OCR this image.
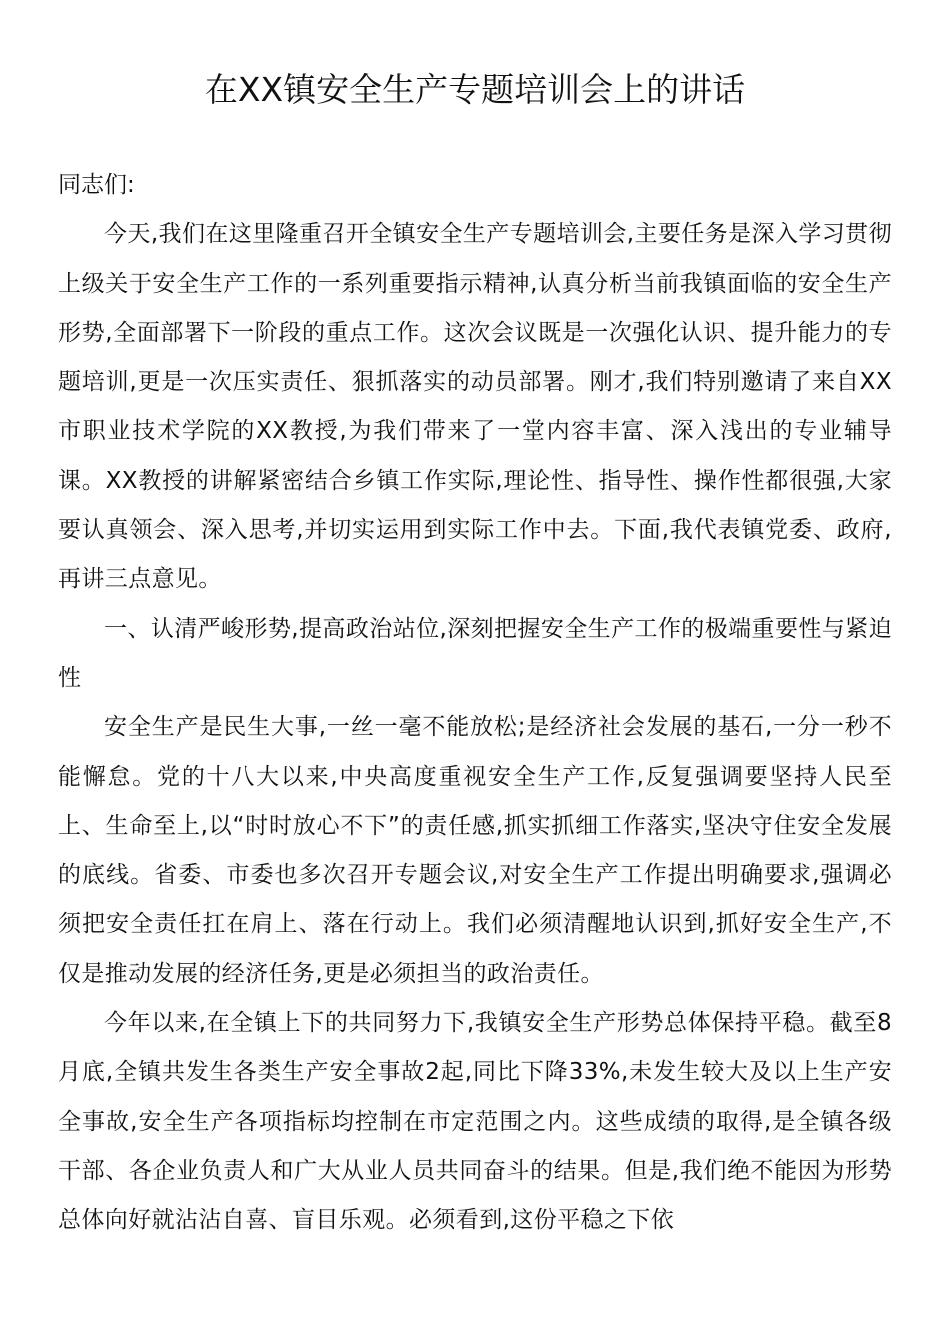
在XX镇安全生产专题培训会上的讲话

同志们:

今天,我们在这里隆重召开全镇安全生产专题培训会,主要任务是深入学习贯彻上级关于安全生产工作的一系列重要指示精神,认真分析当前我镇面临的安全生产形势,全面部署下一阶段的重点工作。这次会议既是一次强化认识、提升能力的专题培训,更是一次压实责任、狠抓落实的动员部署。刚才,我们特别邀请了来自XX市职业技术学院的XX教授,为我们带来了一堂内容丰富、深入浅出的专业辅导课。XX教授的讲解紧密结合乡镇工作实际,理论性、指导性、操作性都很强,大家要认真领会、深入思考,并切实运用到实际工作中去。下面,我代表镇党委、政府,再讲三点意见。

一、认清严峻形势,提高政治站位,深刻把握安全生产工作的极端重要性与紧迫性

安全生产是民生大事,一丝一毫不能放松;是经济社会发展的基石,一分一秒不能懈怠。党的十八大以来,中央高度重视安全生产工作,反复强调要坚持人民至上、生命至上,以“时时放心不下”的责任感,抓实抓细工作落实,坚决守住安全发展的底线。省委、市委也多次召开专题会议,对安全生产工作提出明确要求,强调必须把安全责任扛在肩上、落在行动上。我们必须清醒地认识到,抓好安全生产,不仅是推动发展的经济任务,更是必须担当的政治责任。

今年以来,在全镇上下的共同努力下,我镇安全生产形势总体保持平稳。截至8月底,全镇共发生各类生产安全事故2起,同比下降33%,未发生较大及以上生产安全事故,安全生产各项指标均控制在市定范围之内。这些成绩的取得,是全镇各级干部、各企业负责人和广大从业人员共同奋斗的结果。但是,我们绝不能因为形势总体向好就沾沾自喜、盲目乐观。必须看到,这份平稳之下依
